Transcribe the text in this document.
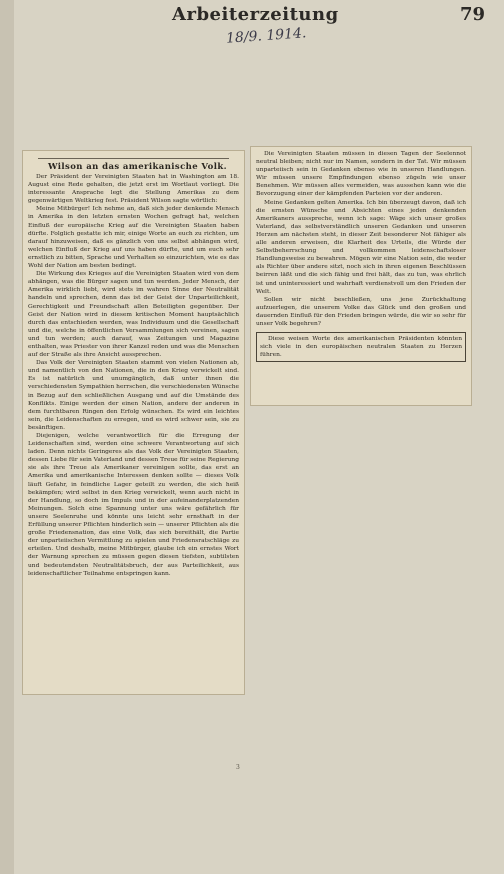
Arbeiterzeitung	79
18/9. 1914.

Wilson an das amerikanische Volk.

Der Präsident der Vereinigten Staaten hat in Washington am 18. August eine Rede gehalten, die jetzt erst im Wortlaut vorliegt. Die interessante Ansprache legt die Stellung Amerikas zu dem gegenwärtigen Weltkrieg fest. Präsident Wilson sagte wörtlich:

Meine Mitbürger! Ich nehme an, daß sich jeder denkende Mensch in Amerika in den letzten ernsten Wochen gefragt hat, welchen Einfluß der europäische Krieg auf die Vereinigten Staaten haben dürfte. Folglich gestatte ich mir, einige Worte an euch zu richten, um darauf hinzuweisen, daß es gänzlich von uns selbst abhängen wird, welchen Einfluß der Krieg auf uns haben dürfte, und um euch sehr ernstlich zu bitten, Sprache und Verhalten so einzurichten, wie es das Wohl der Nation am besten bedingt.

Die Wirkung des Krieges auf die Vereinigten Staaten wird von dem abhängen, was die Bürger sagen und tun werden. Jeder Mensch, der Amerika wirklich liebt, wird stets im wahren Sinne der Neutralität handeln und sprechen, denn das ist der Geist der Unparteilichkeit, Gerechtigkeit und Freundschaft allen Beteiligten gegenüber. Der Geist der Nation wird in diesem kritischen Moment hauptsächlich durch das entschieden werden, was Individuum und die Gesellschaft und die, welche in öffentlichen Versammlungen sich vereinen, sagen und tun werden; auch darauf, was Zeitungen und Magazine enthalten, was Priester von ihrer Kanzel reden und was die Menschen auf der Straße als ihre Ansicht aussprechen.

Das Volk der Vereinigten Staaten stammt von vielen Nationen ab, und namentlich von den Nationen, die in den Krieg verwickelt sind. Es ist natürlich und unumgänglich, daß unter ihnen die verschiedensten Sympathien herrschen, die verschiedensten Wünsche in Bezug auf den schließlichen Ausgang und auf die Umstände des Konflikts. Einige werden der einen Nation, andere der anderen in dem furchtbaren Ringen den Erfolg wünschen. Es wird ein leichtes sein, die Leidenschaften zu erregen, und es wird schwer sein, sie zu besänftigen.

Diejenigen, welche verantwortlich für die Erregung der Leidenschaften sind, werden eine schwere Verantwortung auf sich laden. Denn nichts Geringeres als das Volk der Vereinigten Staaten, dessen Liebe für sein Vaterland und dessen Treue für seine Regierung sie als ihre Treue als Amerikaner vereinigen sollte, das erst an Amerika und amerikanische Interessen denken sollte — dieses Volk läuft Gefahr, in feindliche Lager geteilt zu werden, die sich heiß bekämpfen; wird selbst in den Krieg verwickelt, wenn auch nicht in der Handlung, so doch im Impuls und in der aufeinanderplatzenden Meinungen. Solch eine Spannung unter uns wäre gefährlich für unsere Seelenruhe und könnte uns leicht sehr ernsthaft in der Erfüllung unserer Pflichten hinderlich sein — unserer Pflichten als die große Friedensnation, das eine Volk, das sich bereithält, die Partie der unparteiischen Vermittlung zu spielen und Friedensratschläge zu erteilen. Und deshalb, meine Mitbürger, glaube ich ein ernstes Wort der Warnung sprechen zu müssen gegen diesen tiefsten, subtilsten und bedeutendsten Neutralitätsbruch, der aus Parteilichkeit, aus leidenschaftlicher Teilnahme entspringen kann.

Die Vereinigten Staaten müssen in diesen Tagen der Seelennot neutral bleiben; nicht nur im Namen, sondern in der Tat. Wir müssen unparteiisch sein in Gedanken ebenso wie in unseren Handlungen. Wir müssen unsere Empfindungen ebenso zügeln wie unser Benehmen. Wir müssen alles vermeiden, was aussehen kann wie die Bevorzugung einer der kämpfenden Parteien vor der anderen.

Meine Gedanken gelten Amerika. Ich bin überzeugt davon, daß ich die ernsten Wünsche und Absichten eines jeden denkenden Amerikaners ausspreche, wenn ich sage: Wäge sich unser großes Vaterland, das selbstverständlich unseren Gedanken und unseren Herzen am nächsten steht, in dieser Zeit besonderer Not fähiger als alle anderen erweisen, die Klarheit des Urteils, die Würde der Selbstbeherrschung und vollkommen leidenschaftsloser Handlungsweise zu bewahren. Mögen wir eine Nation sein, die weder als Richter über andere sitzt, noch sich in ihren eigenen Beschlüssen beirren läßt und die sich fähig und frei hält, das zu tun, was ehrlich ist und uninteressiert und wahrhaft verdienstvoll um den Frieden der Welt.

Sollen wir nicht beschließen, uns jene Zurückhaltung aufzuerlegen, die unserem Volke das Glück und den großen und dauernden Einfluß für den Frieden bringen würde, die wir so sehr für unser Volk begehren?

Diese weisen Worte des amerikanischen Präsidenten könnten sich viele in den europäischen neutralen Staaten zu Herzen führen.

3
